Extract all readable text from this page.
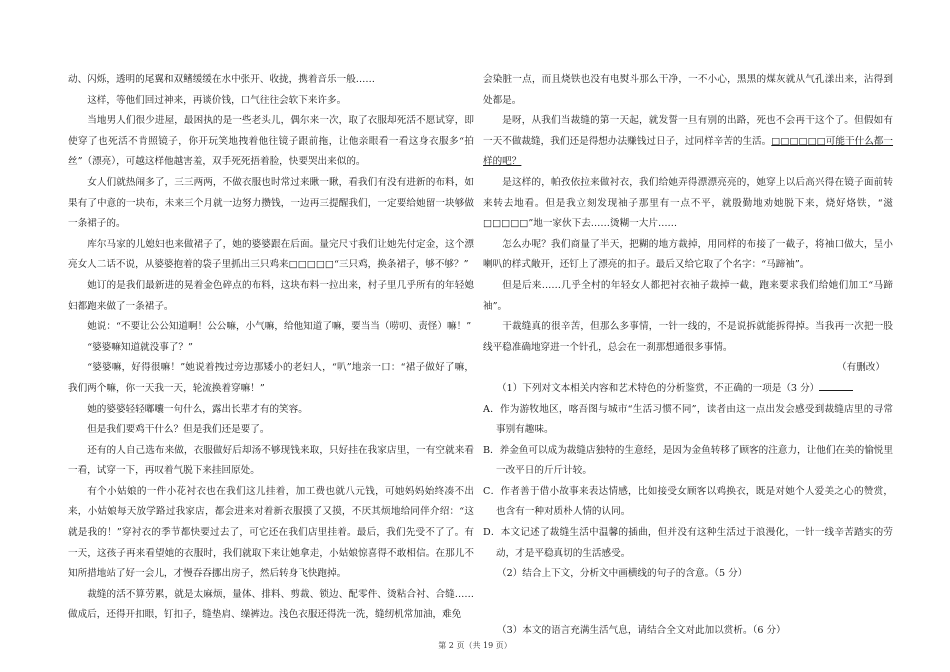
动、闪烁，透明的尾翼和双鳍缓缓在水中张开、收拢，携着音乐一般……

这样，等他们回过神来，再谈价钱，口气往往会软下来许多。

当地男人们很少进屋，最困执的是一些老头儿，偶尔来一次，取了衣服却死活不愿试穿，即使穿了也死活不肯照镜子，你开玩笑地拽着他往镜子跟前拖，让他亲眼看一看这身衣服多“拍丝”（漂亮），可越这样他越害羞，双手死死捂着脸，快要哭出来似的。

女人们就热闹多了，三三两两，不做衣服也时常过来瞅一瞅，看我们有没有进新的布料，如果有了中意的一块布，未来三个月就一边努力攒钱，一边再三提醒我们，一定要给她留一块够做一条裙子的。

库尔马家的儿媳妇也来做裙子了，她的婆婆跟在后面。量完尺寸我们让她先付定金，这个漂亮女人二话不说，从婆婆抱着的袋子里抓出三只鸡来□□□□□“三只鸡，换条裙子，够不够？”

她订的是我们最新进的晃着金色碎点的布料，这块布料一拉出来，村子里几乎所有的年轻媳妇都跑来做了一条裙子。

她说：“不要让公公知道啊！公公嘛，小气嘛，给他知道了嘛，要当当（唠叨、责怪）嘛！”

“婆婆嘛知道就没事了？”

“婆婆嘛，好得很嘛！”她说着拽过旁边那矮小的老妇人，“叭”地亲一口：“裙子做好了嘛，我们两个嘛，你一天我一天，轮流换着穿嘛！”

她的婆婆轻轻嘟囔一句什么，露出长辈才有的笑容。

但是我们要鸡干什么？但是我们还是要了。

还有的人自己选布来做，衣服做好后却汤不够现钱来取，只好挂在我家店里，一有空就来看一看，试穿一下，再叹着气脱下来挂回原处。

有个小姑娘的一件小花衬衣也在我们这儿挂着，加工费也就八元钱，可她妈妈始终凑不出来，小姑娘每天放学路过我家店，都会进来对着新衣服摸了又摸，不厌其烦地给同伴介绍：“这就是我的！”穿衬衣的季节都快要过去了，可它还在我们店里挂着。最后，我们先受不了了。有一天，这孩子再来看望她的衣服时，我们就取下来让她拿走，小姑娘惊喜得不敢相信。在那儿不知所措地站了好一会儿，才慢吞吞挪出房子，然后转身飞快跑掉。

裁缝的活不算劳累，就是太麻烦，量体、排料、剪裁、锁边、配零件、烫粘合衬、合缝……做成后，还得开扣眼，钉扣子，缝垫肩、缲裤边。浅色衣服还得洗一洗，缝纫机常加油，难免

会染脏一点，而且烧铁也没有电熨斗那么干净，一不小心，黑黑的煤灰就从气孔漾出来，沾得到处都是。

是呀，从我们当裁缝的第一天起，就发誓一旦有别的出路，死也不会再干这个了。但假如有一天不做裁缝，我们还是得想办法赚钱过日子，过同样辛苦的生活。□□□□□□可能干什么都一样的吧？

是这样的，帕孜依拉来做衬衣，我们给她弄得漂漂亮亮的，她穿上以后高兴得在镜子面前转来转去地看。但是我立刻发现袖子那里有一点不平，就殷勤地劝她脱下来，烧好烙铁，“滋□□□□□”地一家伙下去……烫糊一大片……

怎么办呢？我们商量了半天，把糊的地方裁掉，用同样的布接了一截子，将袖口做大，呈小喇叭的样式敞开，还钉上了漂亮的扣子。最后又给它取了个名字：“马蹄袖”。

但是后来……几乎全村的年轻女人都把衬衣袖子裁掉一截，跑来要求我们给她们加工“马蹄袖”。

干裁缝真的很辛苦，但那么多事情，一针一线的，不是说拆就能拆得掉。当我再一次把一股线平稳准确地穿进一个针孔，总会在一刹那想通很多事情。

（有删改）

（1）下列对文本相关内容和艺术特色的分析鉴赏，不正确的一项是（3 分）

A．作为游牧地区，喀吾图与城市“生活习惯不同”，读者由这一点出发会感受到裁缝店里的寻常事别有趣味。

B．养金鱼可以成为裁缝店独特的生意经，是因为金鱼转移了顾客的注意力，让他们在美的愉悦里一改平日的斤斤计较。

C．作者善于借小故事来表达情感，比如接受女顾客以鸡换衣，既是对她个人爱美之心的赞赏，也含有一种对质朴人情的认同。

D．本文记述了裁缝生活中温馨的插曲，但并没有这种生活过于浪漫化，一针一线辛苦踏实的劳动，才是平稳真切的生活感受。

（2）结合上下文，分析文中画横线的句子的含意。（5 分）

（3）本文的语言充满生活气息，请结合全文对此加以赏析。（6 分）

第 2 页（共 19 页）
